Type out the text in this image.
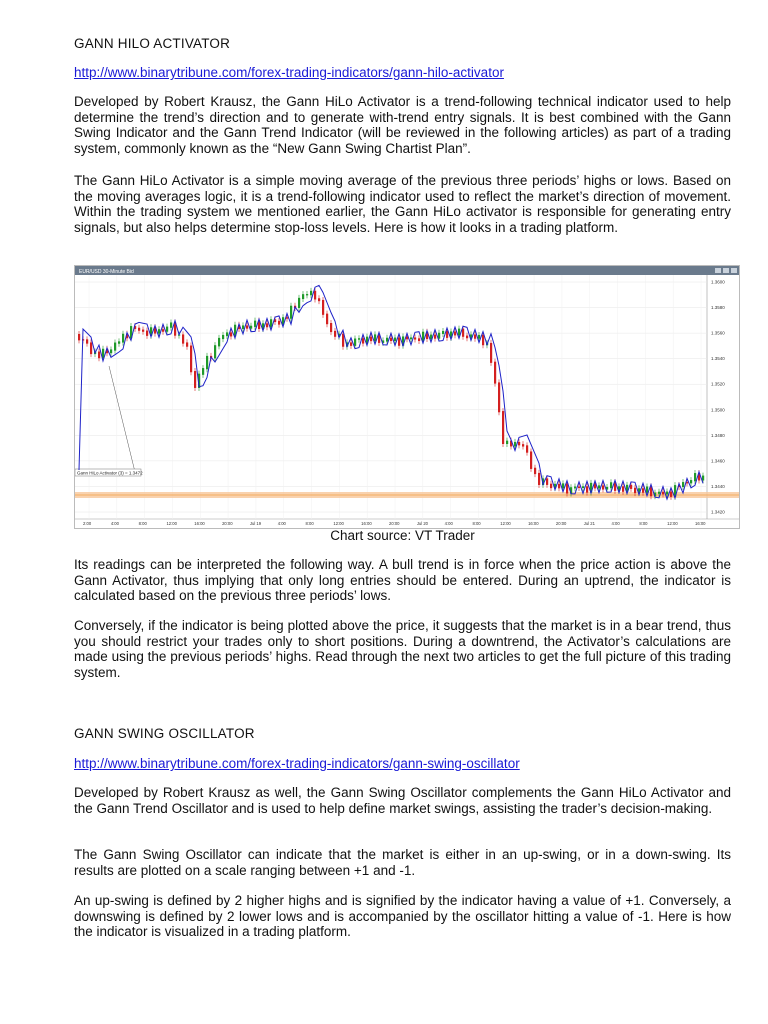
GANN HILO ACTIVATOR
http://www.binarytribune.com/forex-trading-indicators/gann-hilo-activator
Developed by Robert Krausz, the Gann HiLo Activator is a trend-following technical indicator used to help determine the trend’s direction and to generate with-trend entry signals. It is best combined with the Gann Swing Indicator and the Gann Trend Indicator (will be reviewed in the following articles) as part of a trading system, commonly known as the “New Gann Swing Chartist Plan”.
The Gann HiLo Activator is a simple moving average of the previous three periods’ highs or lows. Based on the moving averages logic, it is a trend-following indicator used to reflect the market’s direction of movement. Within the trading system we mentioned earlier, the Gann HiLo activator is responsible for generating entry signals, but also helps determine stop-loss levels. Here is how it looks in a trading platform.
EUR/USD 30-Minute Bid
Gann HiLo Activator (3) = 1.3472
1.3600
1.3580
1.3560
1.3540
1.3520
1.3500
1.3480
1.3460
1.3440
1.3420
2:00	4:00	8:00	12:00	16:00	20:00	Jul 19	4:00	8:00	12:00	16:00	20:00	Jul 20	4:00	8:00	12:00	16:00	20:00	Jul 21	4:00	8:00	12:00	16:00
Chart source: VT Trader
Its readings can be interpreted the following way. A bull trend is in force when the price action is above the Gann Activator, thus implying that only long entries should be entered. During an uptrend, the indicator is calculated based on the previous three periods’ lows.
Conversely, if the indicator is being plotted above the price, it suggests that the market is in a bear trend, thus you should restrict your trades only to short positions. During a downtrend, the Activator’s calculations are made using the previous periods’ highs. Read through the next two articles to get the full picture of this trading system.
GANN SWING OSCILLATOR
http://www.binarytribune.com/forex-trading-indicators/gann-swing-oscillator
Developed by Robert Krausz as well, the Gann Swing Oscillator complements the Gann HiLo Activator and the Gann Trend Oscillator and is used to help define market swings, assisting the trader’s decision-making.
The Gann Swing Oscillator can indicate that the market is either in an up-swing, or in a down-swing. Its results are plotted on a scale ranging between +1 and -1.
An up-swing is defined by 2 higher highs and is signified by the indicator having a value of +1. Conversely, a downswing is defined by 2 lower lows and is accompanied by the oscillator hitting a value of -1. Here is how the indicator is visualized in a trading platform.
